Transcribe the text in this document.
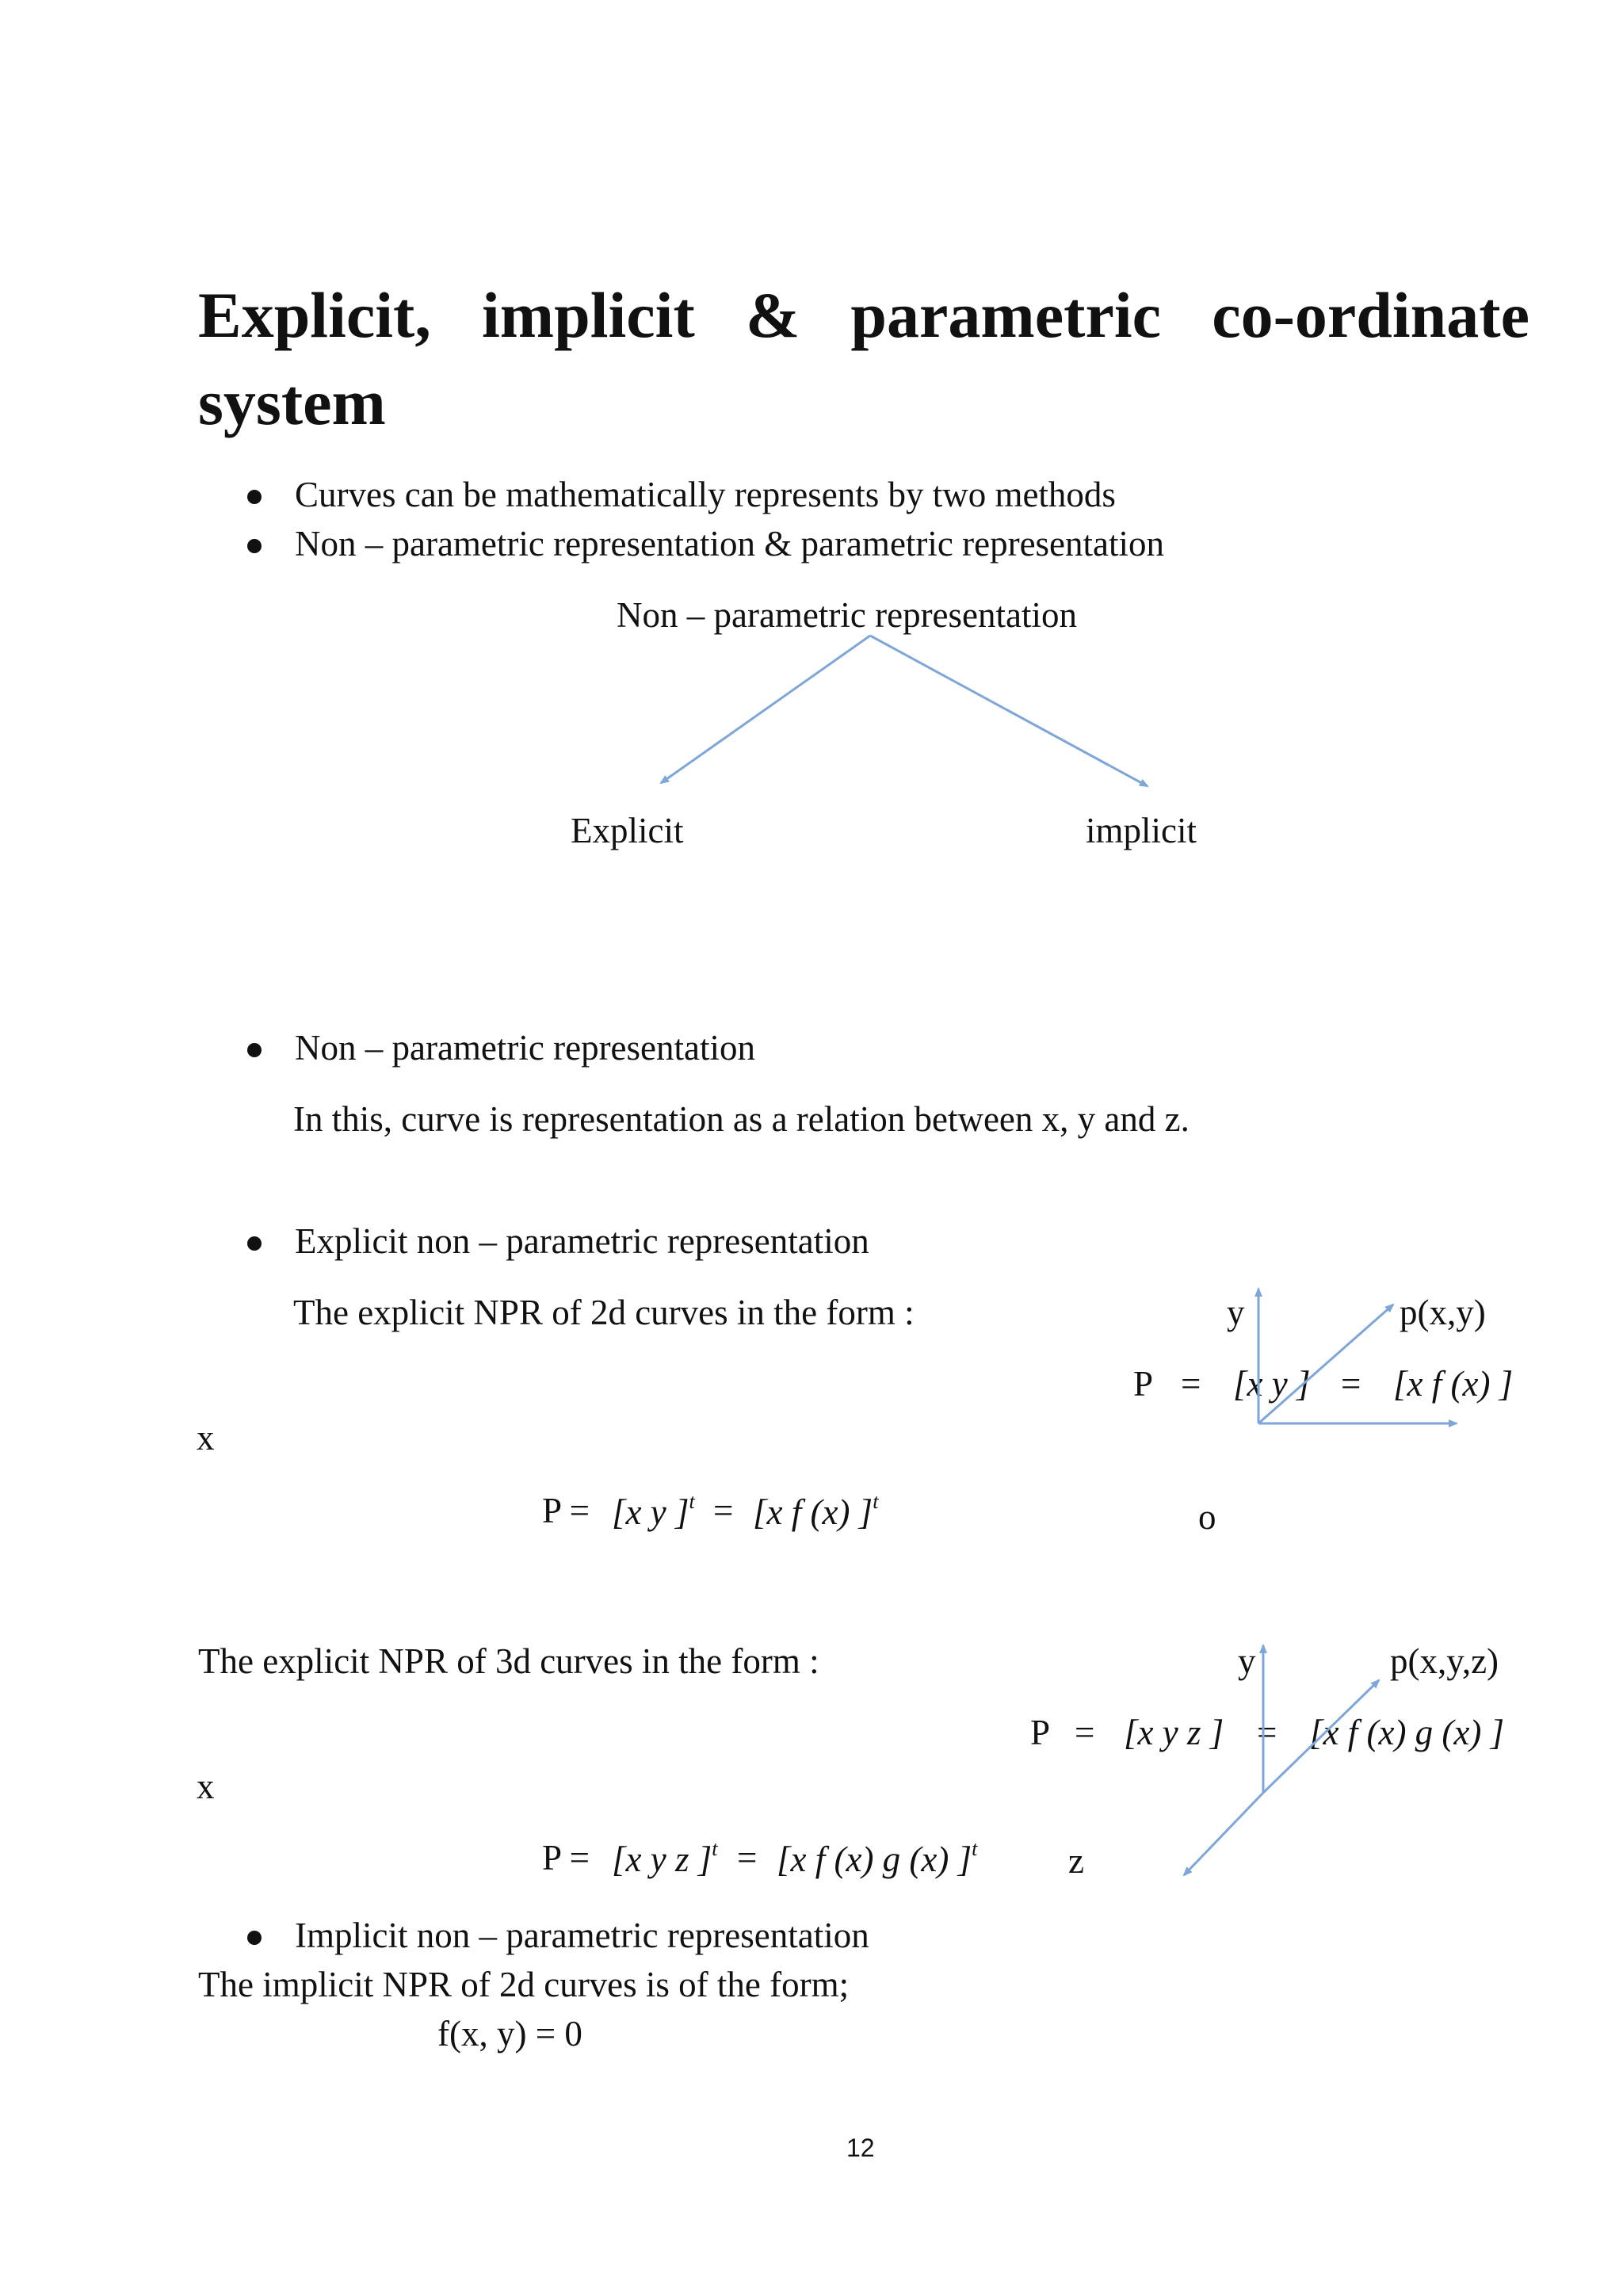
Explicit, implicit & parametric co-ordinate
system
Curves can be mathematically represents by two methods
Non – parametric representation & parametric representation
Non – parametric representation
Explicit	implicit
Non – parametric representation
In this, curve is representation as a relation between x, y and z.
Explicit non – parametric representation
The explicit NPR of 2d curves in the form :	y	p(x,y)
P = [x y ] = [x f (x) ]
x
P = [x y ]$^t$ = [x f (x) ]$^t$	o
The explicit NPR of 3d curves in the form :	y	p(x,y,z)
P = [x y z ] = [x f (x) g (x) ]
x
P = [x y z ]$^t$ = [x f (x) g (x) ]$^t$	z
Implicit non – parametric representation
The implicit NPR of 2d curves is of the form;
f(x, y) = 0
12
